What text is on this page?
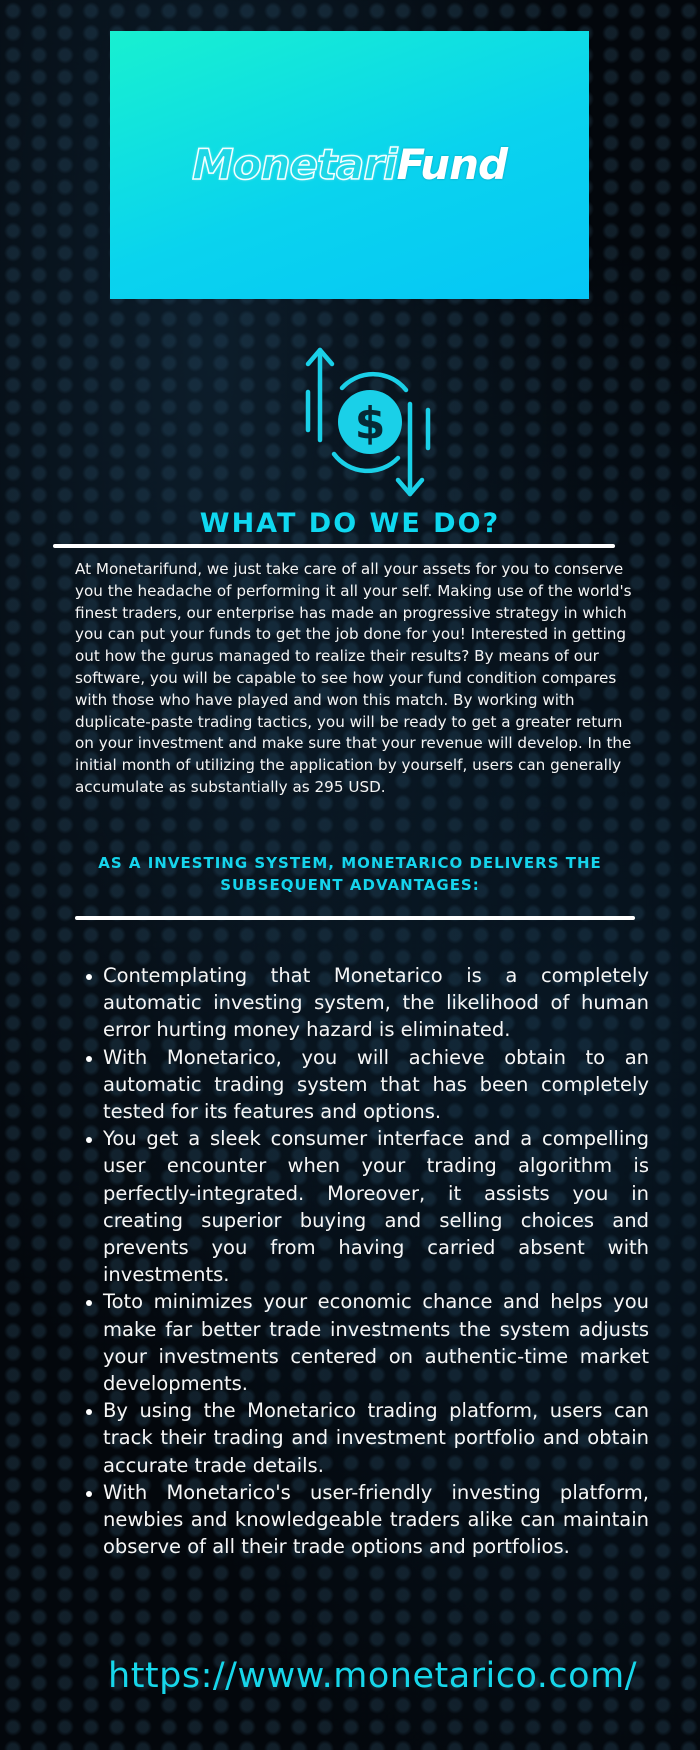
MonetariFund
$
WHAT DO WE DO?

At Monetarifund, we just take care of all your assets for you to conserve you the headache of performing it all your self. Making use of the world's finest traders, our enterprise has made an progressive strategy in which you can put your funds to get the job done for you! Interested in getting out how the gurus managed to realize their results? By means of our software, you will be capable to see how your fund condition compares with those who have played and won this match. By working with duplicate-paste trading tactics, you will be ready to get a greater return on your investment and make sure that your revenue will develop. In the initial month of utilizing the application by yourself, users can generally accumulate as substantially as 295 USD.

AS A INVESTING SYSTEM, MONETARICO DELIVERS THE SUBSEQUENT ADVANTAGES:
Contemplating that Monetarico is a completely automatic investing system, the likelihood of human error hurting money hazard is eliminated.
With Monetarico, you will achieve obtain to an automatic trading system that has been completely tested for its features and options.
You get a sleek consumer interface and a compelling user encounter when your trading algorithm is perfectly-integrated. Moreover, it assists you in creating superior buying and selling choices and prevents you from having carried absent with investments.
Toto minimizes your economic chance and helps you make far better trade investments the system adjusts your investments centered on authentic-time market developments.
By using the Monetarico trading platform, users can track their trading and investment portfolio and obtain accurate trade details.
With Monetarico's user-friendly investing platform, newbies and knowledgeable traders alike can maintain observe of all their trade options and portfolios.
https://www.monetarico.com/
